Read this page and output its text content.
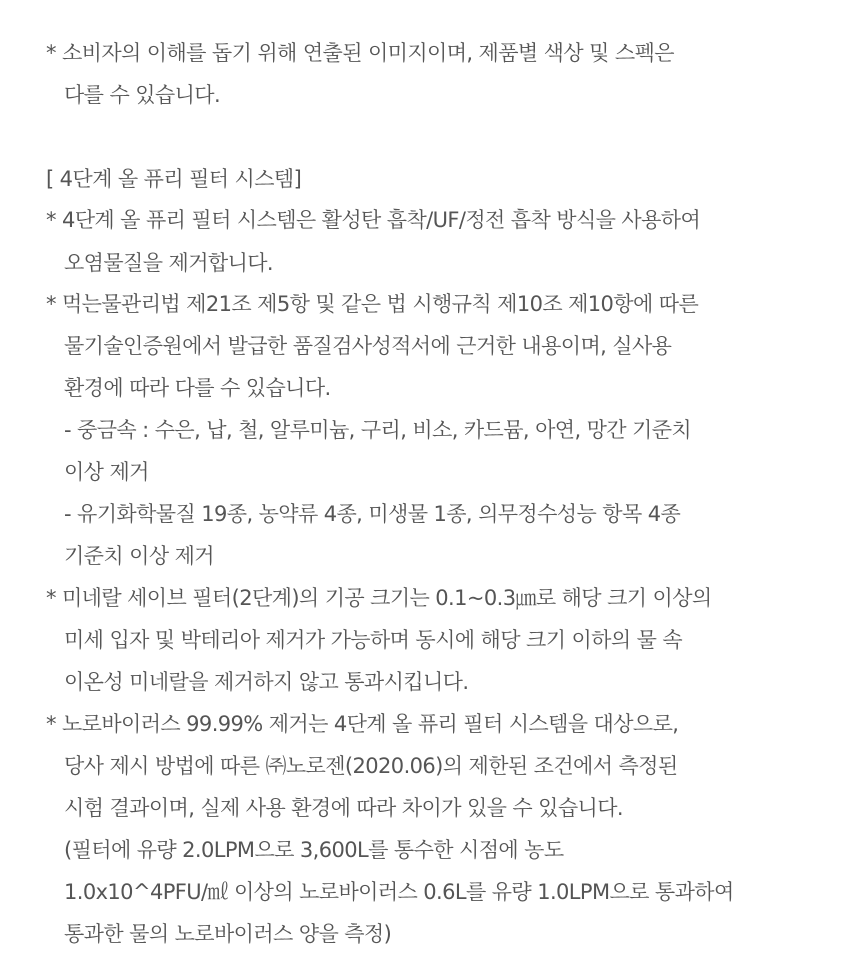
* 소비자의 이해를 돕기 위해 연출된 이미지이며, 제품별 색상 및 스펙은
다를 수 있습니다.
[ 4단계 올 퓨리 필터 시스템]
* 4단계 올 퓨리 필터 시스템은 활성탄 흡착/UF/정전 흡착 방식을 사용하여
오염물질을 제거합니다.
* 먹는물관리법 제21조 제5항 및 같은 법 시행규칙 제10조 제10항에 따른
물기술인증원에서 발급한 품질검사성적서에 근거한 내용이며, 실사용
환경에 따라 다를 수 있습니다.
- 중금속 : 수은, 납, 철, 알루미늄, 구리, 비소, 카드뮴, 아연, 망간 기준치
이상 제거
- 유기화학물질 19종, 농약류 4종, 미생물 1종, 의무정수성능 항목 4종
기준치 이상 제거
* 미네랄 세이브 필터(2단계)의 기공 크기는 0.1~0.3㎛로 해당 크기 이상의
미세 입자 및 박테리아 제거가 가능하며 동시에 해당 크기 이하의 물 속
이온성 미네랄을 제거하지 않고 통과시킵니다.
* 노로바이러스 99.99% 제거는 4단계 올 퓨리 필터 시스템을 대상으로,
당사 제시 방법에 따른 ㈜노로젠(2020.06)의 제한된 조건에서 측정된
시험 결과이며, 실제 사용 환경에 따라 차이가 있을 수 있습니다.
(필터에 유량 2.0LPM으로 3,600L를 통수한 시점에 농도
1.0x10^4PFU/㎖ 이상의 노로바이러스 0.6L를 유량 1.0LPM으로 통과하여
통과한 물의 노로바이러스 양을 측정)
